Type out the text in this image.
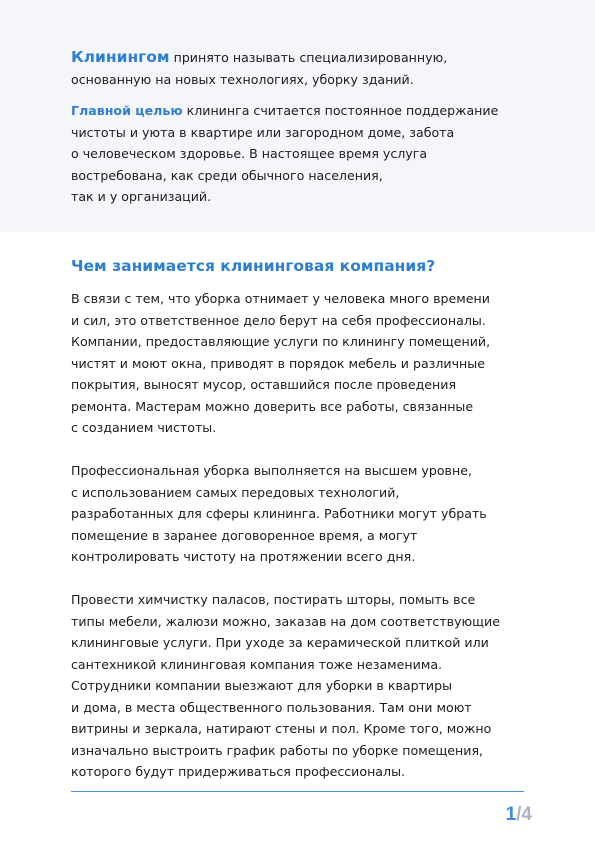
Клинингом принято называть специализированную,
основанную на новых технологиях, уборку зданий.

Главной целью клининга считается постоянное поддержание
чистоты и уюта в квартире или загородном доме, забота
о человеческом здоровье. В настоящее время услуга
востребована, как среди обычного населения,
так и у организаций.

Чем занимается клининговая компания?

В связи с тем, что уборка отнимает у человека много времени
и сил, это ответственное дело берут на себя профессионалы.
Компании, предоставляющие услуги по клинингу помещений,
чистят и моют окна, приводят в порядок мебель и различные
покрытия, выносят мусор, оставшийся после проведения
ремонта. Мастерам можно доверить все работы, связанные
с созданием чистоты.

Профессиональная уборка выполняется на высшем уровне,
с использованием самых передовых технологий,
разработанных для сферы клининга. Работники могут убрать
помещение в заранее договоренное время, а могут
контролировать чистоту на протяжении всего дня.

Провести химчистку паласов, постирать шторы, помыть все
типы мебели, жалюзи можно, заказав на дом соответствующие
клининговые услуги. При уходе за керамической плиткой или
сантехникой клининговая компания тоже незаменима.
Сотрудники компании выезжают для уборки в квартиры
и дома, в места общественного пользования. Там они моют
витрины и зеркала, натирают стены и пол. Кроме того, можно
изначально выстроить график работы по уборке помещения,
которого будут придерживаться профессионалы.

1/4
